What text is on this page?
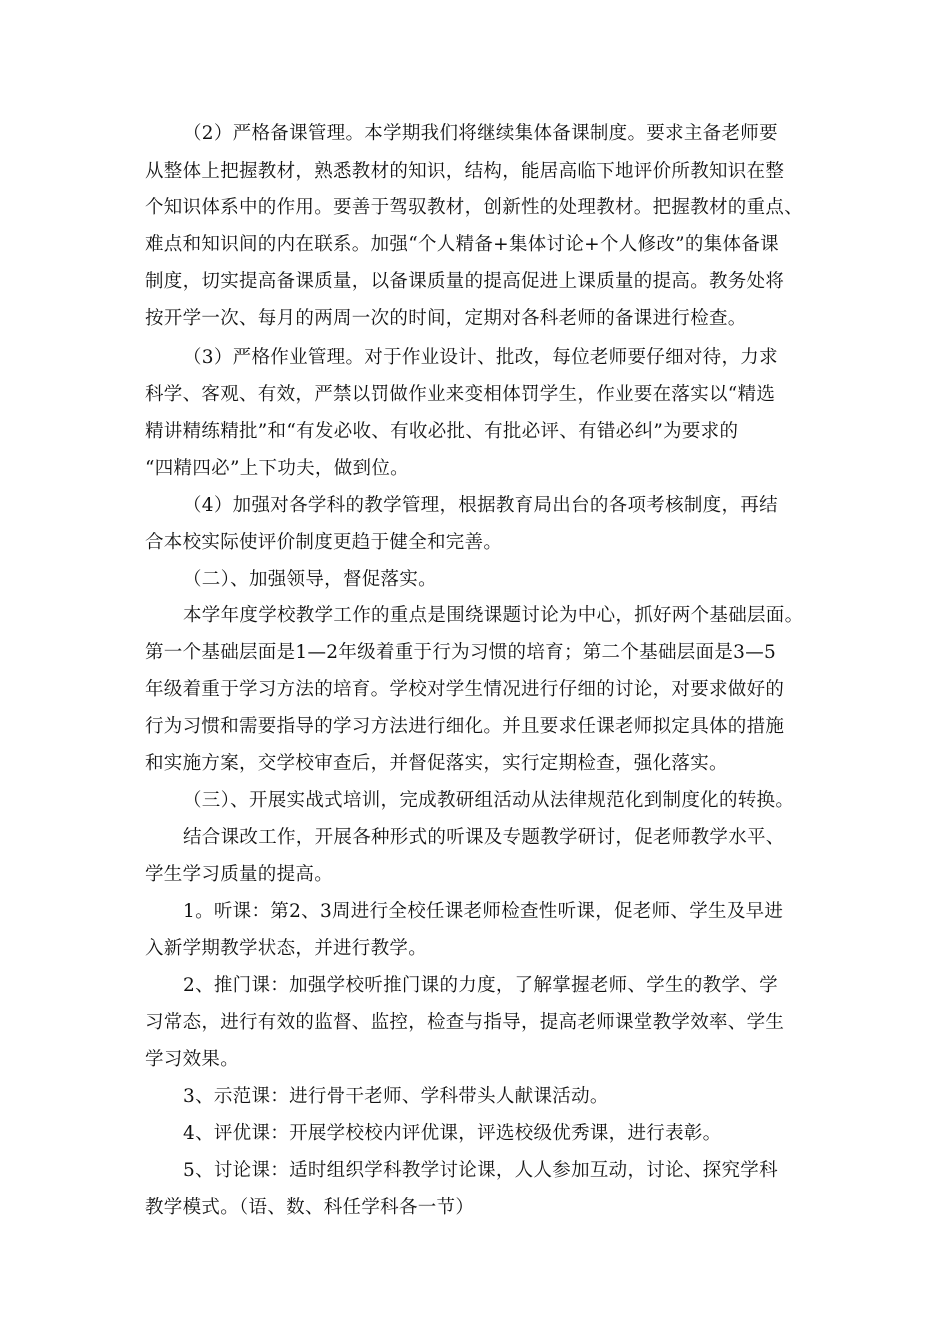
（2）严格备课管理。本学期我们将继续集体备课制度。要求主备老师要
从整体上把握教材，熟悉教材的知识，结构，能居高临下地评价所教知识在整
个知识体系中的作用。要善于驾驭教材，创新性的处理教材。把握教材的重点、
难点和知识间的内在联系。加强“个人精备+集体讨论+个人修改”的集体备课
制度，切实提高备课质量，以备课质量的提高促进上课质量的提高。教务处将
按开学一次、每月的两周一次的时间，定期对各科老师的备课进行检查。
（3）严格作业管理。对于作业设计、批改，每位老师要仔细对待，力求
科学、客观、有效，严禁以罚做作业来变相体罚学生，作业要在落实以“精选
精讲精练精批”和“有发必收、有收必批、有批必评、有错必纠”为要求的
“四精四必”上下功夫，做到位。
（4）加强对各学科的教学管理，根据教育局出台的各项考核制度，再结
合本校实际使评价制度更趋于健全和完善。
（二）、加强领导，督促落实。
本学年度学校教学工作的重点是围绕课题讨论为中心，抓好两个基础层面。
第一个基础层面是1—2年级着重于行为习惯的培育；第二个基础层面是3—5
年级着重于学习方法的培育。学校对学生情况进行仔细的讨论，对要求做好的
行为习惯和需要指导的学习方法进行细化。并且要求任课老师拟定具体的措施
和实施方案，交学校审查后，并督促落实，实行定期检查，强化落实。
（三）、开展实战式培训，完成教研组活动从法律规范化到制度化的转换。
结合课改工作，开展各种形式的听课及专题教学研讨，促老师教学水平、
学生学习质量的提高。
1。听课：第2、3周进行全校任课老师检查性听课，促老师、学生及早进
入新学期教学状态，并进行教学。
2、推门课：加强学校听推门课的力度，了解掌握老师、学生的教学、学
习常态，进行有效的监督、监控，检查与指导，提高老师课堂教学效率、学生
学习效果。
3、示范课：进行骨干老师、学科带头人献课活动。
4、评优课：开展学校校内评优课，评选校级优秀课，进行表彰。
5、讨论课：适时组织学科教学讨论课，人人参加互动，讨论、探究学科
教学模式。（语、数、科任学科各一节）
